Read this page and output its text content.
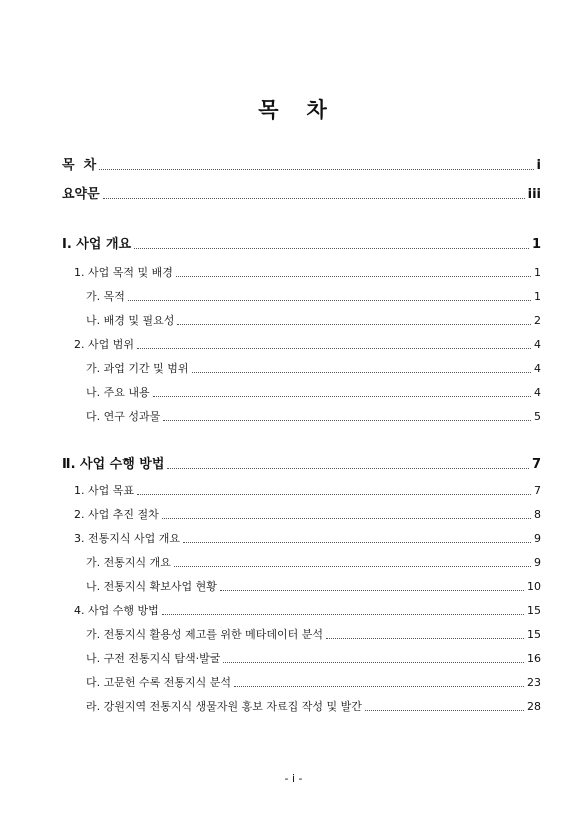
목 차
목  차	i
요약문	iii
Ⅰ. 사업 개요	1
1. 사업 목적 및 배경	1
가. 목적	1
나. 배경 및 필요성	2
2. 사업 범위	4
가. 과업 기간 및 범위	4
나. 주요 내용	4
다. 연구 성과물	5
Ⅱ. 사업 수행 방법	7
1. 사업 목표	7
2. 사업 추진 절차	8
3. 전통지식 사업 개요	9
가. 전통지식 개요	9
나. 전통지식 확보사업 현황	10
4. 사업 수행 방법	15
가. 전통지식 활용성 제고를 위한 메타데이터 분석	15
나. 구전 전통지식 탐색·발굴	16
다. 고문헌 수록 전통지식 분석	23
라. 강원지역 전통지식 생물자원 홍보 자료집 작성 및 발간	28
- i -
